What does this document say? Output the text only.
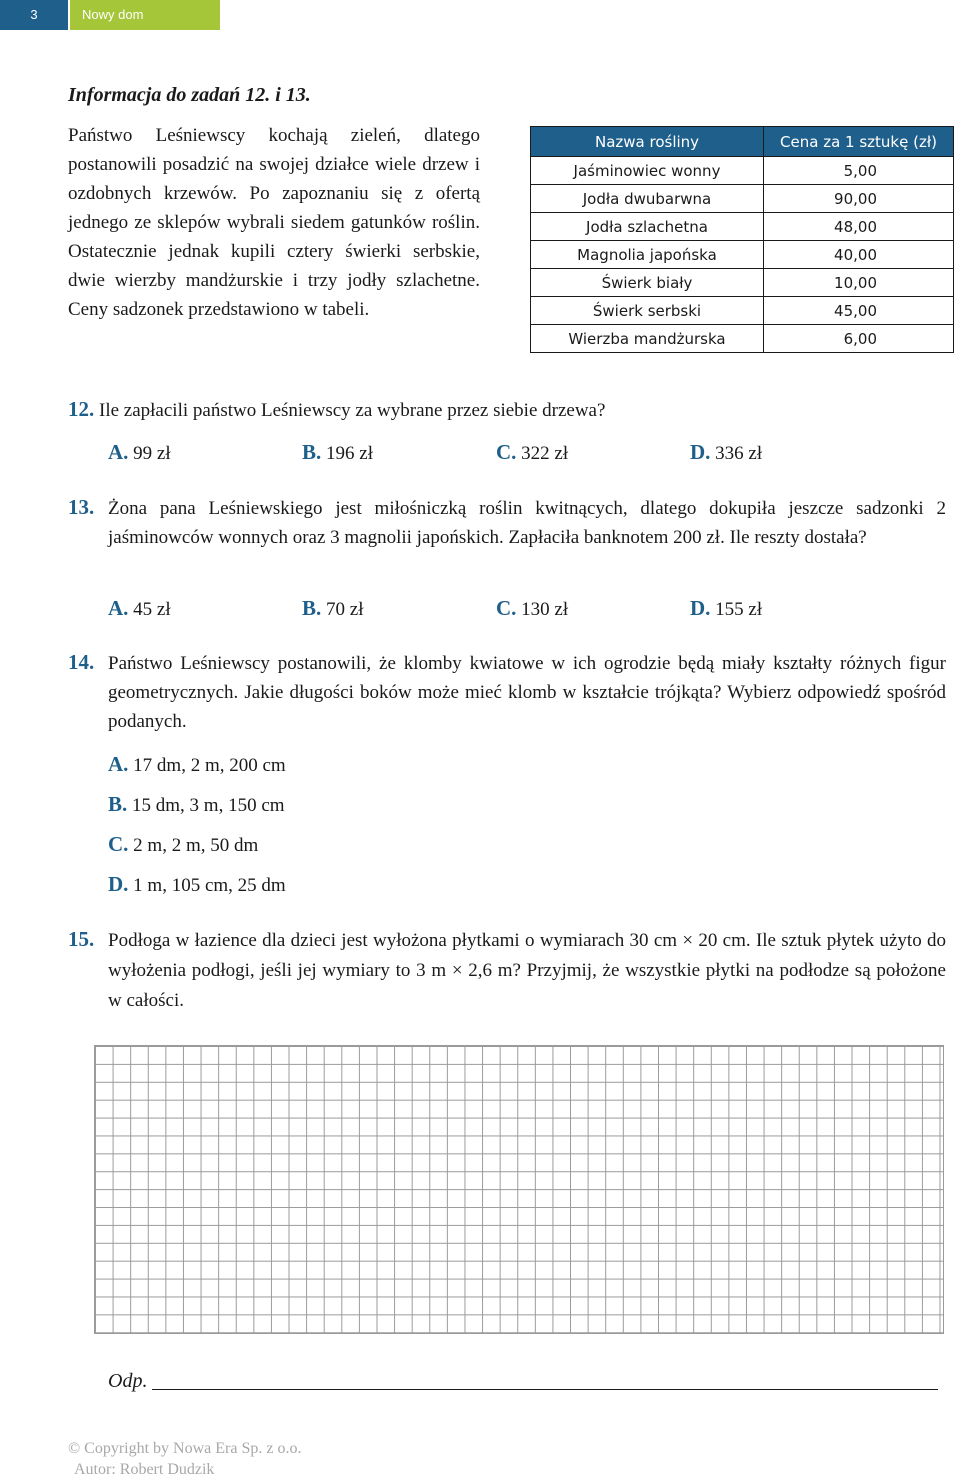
3	Nowy dom
Informacja do zadań 12. i 13.
Państwo Leśniewscy kochają zieleń, dlatego postanowili posadzić na swojej działce wiele drzew i ozdobnych krzewów. Po zapoznaniu się z ofertą jednego ze sklepów wybrali siedem gatunków roślin. Ostatecznie jednak kupili cztery świerki serbskie, dwie wierzby mandżurskie i trzy jodły szlachetne. Ceny sadzonek przedstawiono w tabeli.
Nazwa rośliny	Cena za 1 sztukę (zł)
Jaśminowiec wonny	5,00
Jodła dwubarwna	90,00
Jodła szlachetna	48,00
Magnolia japońska	40,00
Świerk biały	10,00
Świerk serbski	45,00
Wierzba mandżurska	6,00
12. Ile zapłacili państwo Leśniewscy za wybrane przez siebie drzewa?
A. 99 zł	B. 196 zł	C. 322 zł	D. 336 zł
13. Żona pana Leśniewskiego jest miłośniczką roślin kwitnących, dlatego dokupiła jeszcze sadzonki 2 jaśminowców wonnych oraz 3 magnolii japońskich. Zapłaciła banknotem 200 zł. Ile reszty dostała?
A. 45 zł	B. 70 zł	C. 130 zł	D. 155 zł
14. Państwo Leśniewscy postanowili, że klomby kwiatowe w ich ogrodzie będą miały kształty różnych figur geometrycznych. Jakie długości boków może mieć klomb w kształcie trójkąta? Wybierz odpowiedź spośród podanych.
A. 17 dm, 2 m, 200 cm
B. 15 dm, 3 m, 150 cm
C. 2 m, 2 m, 50 dm
D. 1 m, 105 cm, 25 dm
15. Podłoga w łazience dla dzieci jest wyłożona płytkami o wymiarach 30 cm × 20 cm. Ile sztuk płytek użyto do wyłożenia podłogi, jeśli jej wymiary to 3 m × 2,6 m? Przyjmij, że wszystkie płytki na podłodze są położone w całości.
Odp.
© Copyright by Nowa Era Sp. z o.o.
Autor: Robert Dudzik
